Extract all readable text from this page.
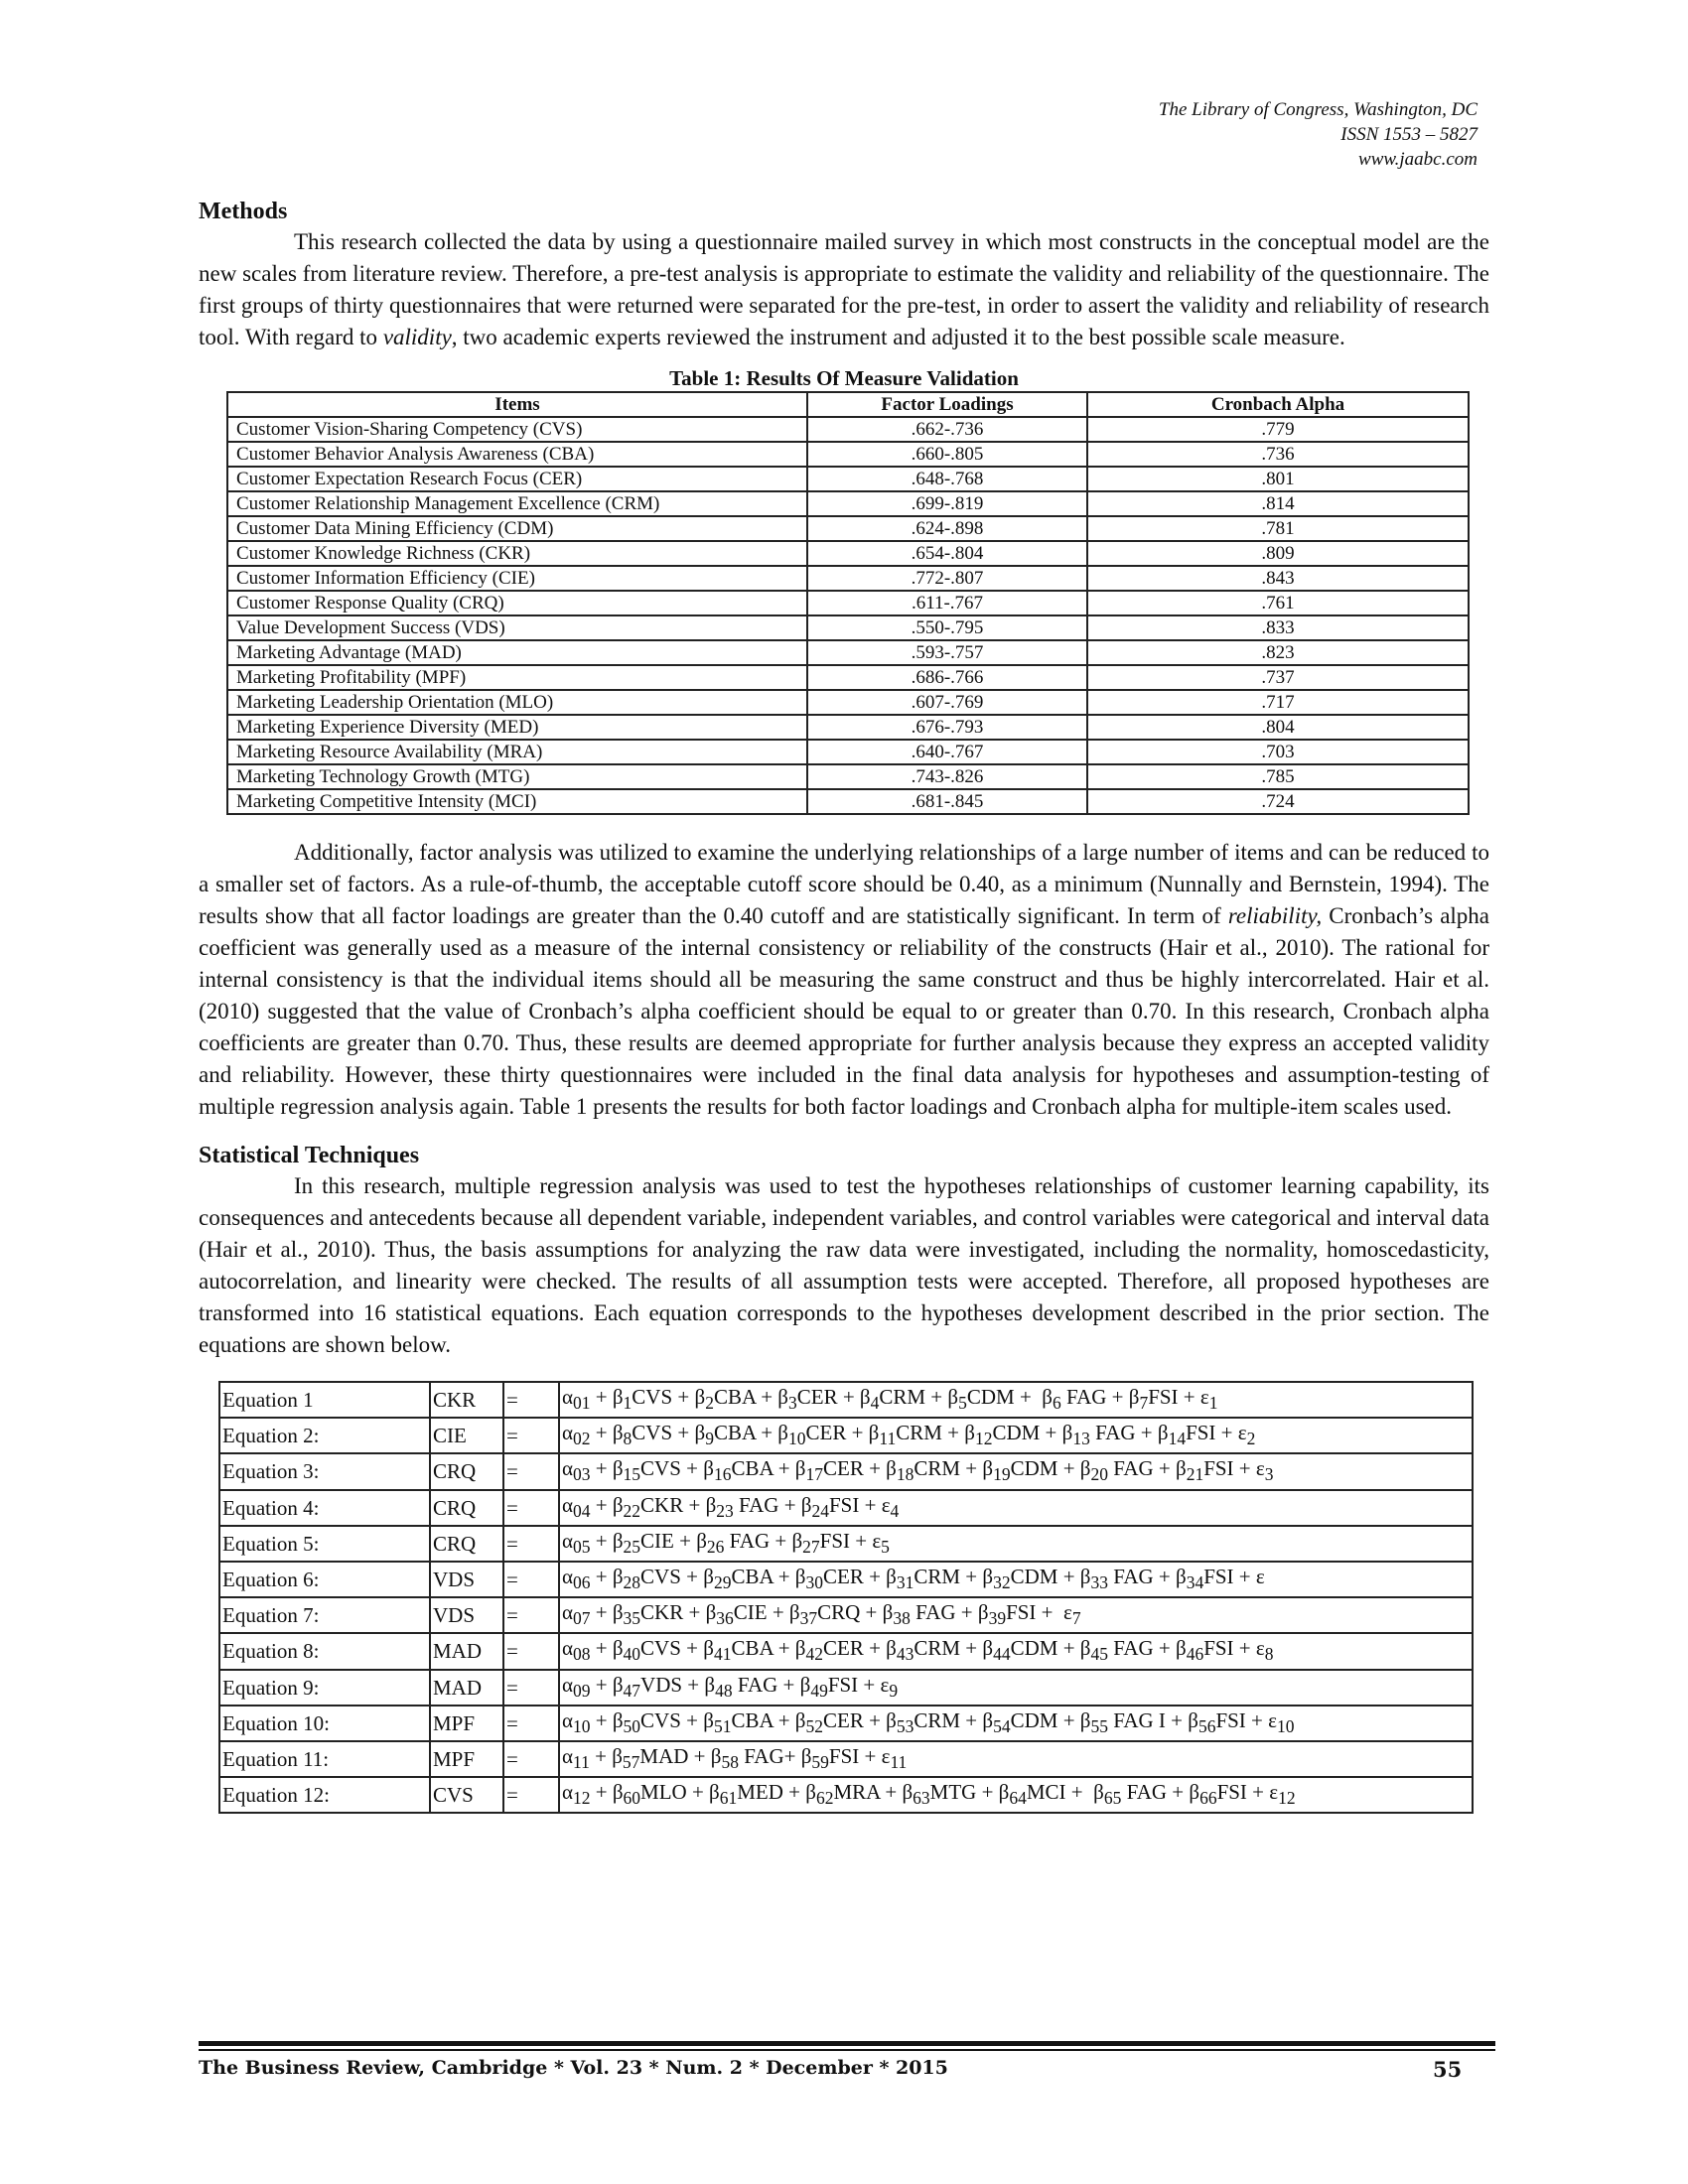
The Library of Congress, Washington, DC
ISSN 1553 – 5827
www.jaabc.com
Methods

This research collected the data by using a questionnaire mailed survey in which most constructs in the conceptual model are the new scales from literature review. Therefore, a pre-test analysis is appropriate to estimate the validity and reliability of the questionnaire. The first groups of thirty questionnaires that were returned were separated for the pre-test, in order to assert the validity and reliability of research tool. With regard to validity, two academic experts reviewed the instrument and adjusted it to the best possible scale measure.

Table 1: Results Of Measure Validation
Items	Factor Loadings	Cronbach Alpha
Customer Vision-Sharing Competency (CVS)	.662-.736	.779
Customer Behavior Analysis Awareness (CBA)	.660-.805	.736
Customer Expectation Research Focus (CER)	.648-.768	.801
Customer Relationship Management Excellence (CRM)	.699-.819	.814
Customer Data Mining Efficiency (CDM)	.624-.898	.781
Customer Knowledge Richness (CKR)	.654-.804	.809
Customer Information Efficiency (CIE)	.772-.807	.843
Customer Response Quality (CRQ)	.611-.767	.761
Value Development Success (VDS)	.550-.795	.833
Marketing Advantage (MAD)	.593-.757	.823
Marketing Profitability (MPF)	.686-.766	.737
Marketing Leadership Orientation (MLO)	.607-.769	.717
Marketing Experience Diversity (MED)	.676-.793	.804
Marketing Resource Availability (MRA)	.640-.767	.703
Marketing Technology Growth (MTG)	.743-.826	.785
Marketing Competitive Intensity (MCI)	.681-.845	.724

Additionally, factor analysis was utilized to examine the underlying relationships of a large number of items and can be reduced to a smaller set of factors. As a rule-of-thumb, the acceptable cutoff score should be 0.40, as a minimum (Nunnally and Bernstein, 1994). The results show that all factor loadings are greater than the 0.40 cutoff and are statistically significant. In term of reliability, Cronbach’s alpha coefficient was generally used as a measure of the internal consistency or reliability of the constructs (Hair et al., 2010). The rational for internal consistency is that the individual items should all be measuring the same construct and thus be highly intercorrelated. Hair et al. (2010) suggested that the value of Cronbach’s alpha coefficient should be equal to or greater than 0.70. In this research, Cronbach alpha coefficients are greater than 0.70. Thus, these results are deemed appropriate for further analysis because they express an accepted validity and reliability. However, these thirty questionnaires were included in the final data analysis for hypotheses and assumption-testing of multiple regression analysis again. Table 1 presents the results for both factor loadings and Cronbach alpha for multiple-item scales used.

Statistical Techniques

In this research, multiple regression analysis was used to test the hypotheses relationships of customer learning capability, its consequences and antecedents because all dependent variable, independent variables, and control variables were categorical and interval data (Hair et al., 2010). Thus, the basis assumptions for analyzing the raw data were investigated, including the normality, homoscedasticity, autocorrelation, and linearity were checked. The results of all assumption tests were accepted. Therefore, all proposed hypotheses are transformed into 16 statistical equations. Each equation corresponds to the hypotheses development described in the prior section. The equations are shown below.

Equation 1	CKR	=	$\alpha_{01} + \beta_1CVS + \beta_2CBA + \beta_3CER + \beta_4CRM + \beta_5CDM + \beta_6$ FAG + $\beta_7FSI + \varepsilon_1$
Equation 2:	CIE	=	$\alpha_{02} + \beta_8CVS + \beta_9CBA + \beta_{10}CER + \beta_{11}CRM + \beta_{12}CDM + \beta_{13}$ FAG + $\beta_{14}FSI + \varepsilon_2$
Equation 3:	CRQ	=	$\alpha_{03} + \beta_{15}CVS + \beta_{16}CBA + \beta_{17}CER + \beta_{18}CRM + \beta_{19}CDM + \beta_{20}$ FAG + $\beta_{21}FSI + \varepsilon_3$
Equation 4:	CRQ	=	$\alpha_{04} + \beta_{22}CKR + \beta_{23}$ FAG + $\beta_{24}FSI + \varepsilon_4$
Equation 5:	CRQ	=	$\alpha_{05} + \beta_{25}CIE + \beta_{26}$ FAG + $\beta_{27}FSI + \varepsilon_5$
Equation 6:	VDS	=	$\alpha_{06} + \beta_{28}CVS + \beta_{29}CBA + \beta_{30}CER + \beta_{31}CRM + \beta_{32}CDM + \beta_{33}$ FAG + $\beta_{34}FSI + \varepsilon$
Equation 7:	VDS	=	$\alpha_{07} + \beta_{35}CKR + \beta_{36}CIE + \beta_{37}CRQ + \beta_{38}$ FAG + $\beta_{39}FSI + \varepsilon_7$
Equation 8:	MAD	=	$\alpha_{08} + \beta_{40}CVS + \beta_{41}CBA + \beta_{42}CER + \beta_{43}CRM + \beta_{44}CDM + \beta_{45}$ FAG + $\beta_{46}FSI + \varepsilon_8$
Equation 9:	MAD	=	$\alpha_{09} + \beta_{47}VDS + \beta_{48}$ FAG + $\beta_{49}FSI + \varepsilon_9$
Equation 10:	MPF	=	$\alpha_{10} + \beta_{50}CVS + \beta_{51}CBA + \beta_{52}CER + \beta_{53}CRM + \beta_{54}CDM + \beta_{55}$ FAG $I + \beta_{56}FSI + \varepsilon_{10}$
Equation 11:	MPF	=	$\alpha_{11} + \beta_{57}MAD + \beta_{58}$ $FAG+ \beta_{59}FSI + \varepsilon_{11}$
Equation 12:	CVS	=	$\alpha_{12} + \beta_{60}MLO + \beta_{61}MED + \beta_{62}MRA + \beta_{63}MTG + \beta_{64}MCI + \beta_{65}$ FAG + $\beta_{66}FSI + \varepsilon_{12}$
The Business Review, Cambridge * Vol. 23 * Num. 2 * December * 2015	55
